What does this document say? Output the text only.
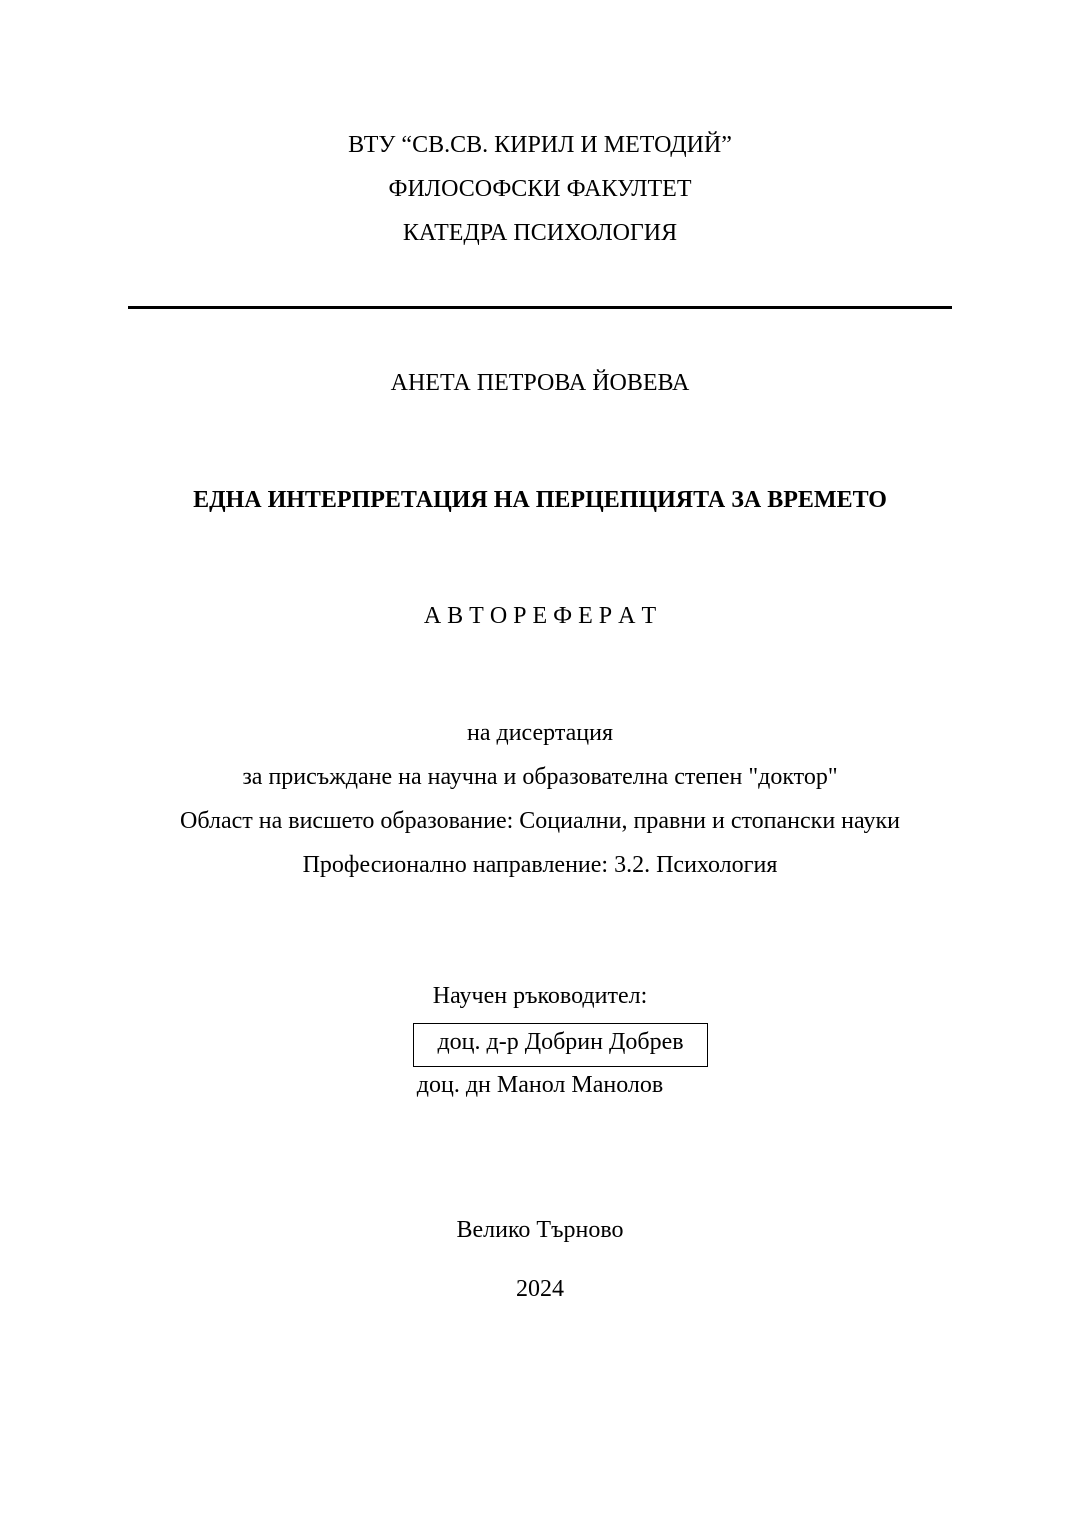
ВТУ “СВ.СВ. КИРИЛ И МЕТОДИЙ”
ФИЛОСОФСКИ ФАКУЛТЕТ
КАТЕДРА ПСИХОЛОГИЯ
АНЕТА ПЕТРОВА ЙОВЕВА
ЕДНА ИНТЕРПРЕТАЦИЯ НА ПЕРЦЕПЦИЯТА ЗА ВРЕМЕТО
А В Т О Р Е Ф Е Р А Т
на дисертация
за присъждане на научна и образователна степен "доктор"
Област на висшето образование: Социални, правни и стопански науки
Професионално направление: 3.2. Психология
Научен ръководител:
доц. д-р Добрин Добрев
доц. дн Манол Манолов
Велико Търново
2024
